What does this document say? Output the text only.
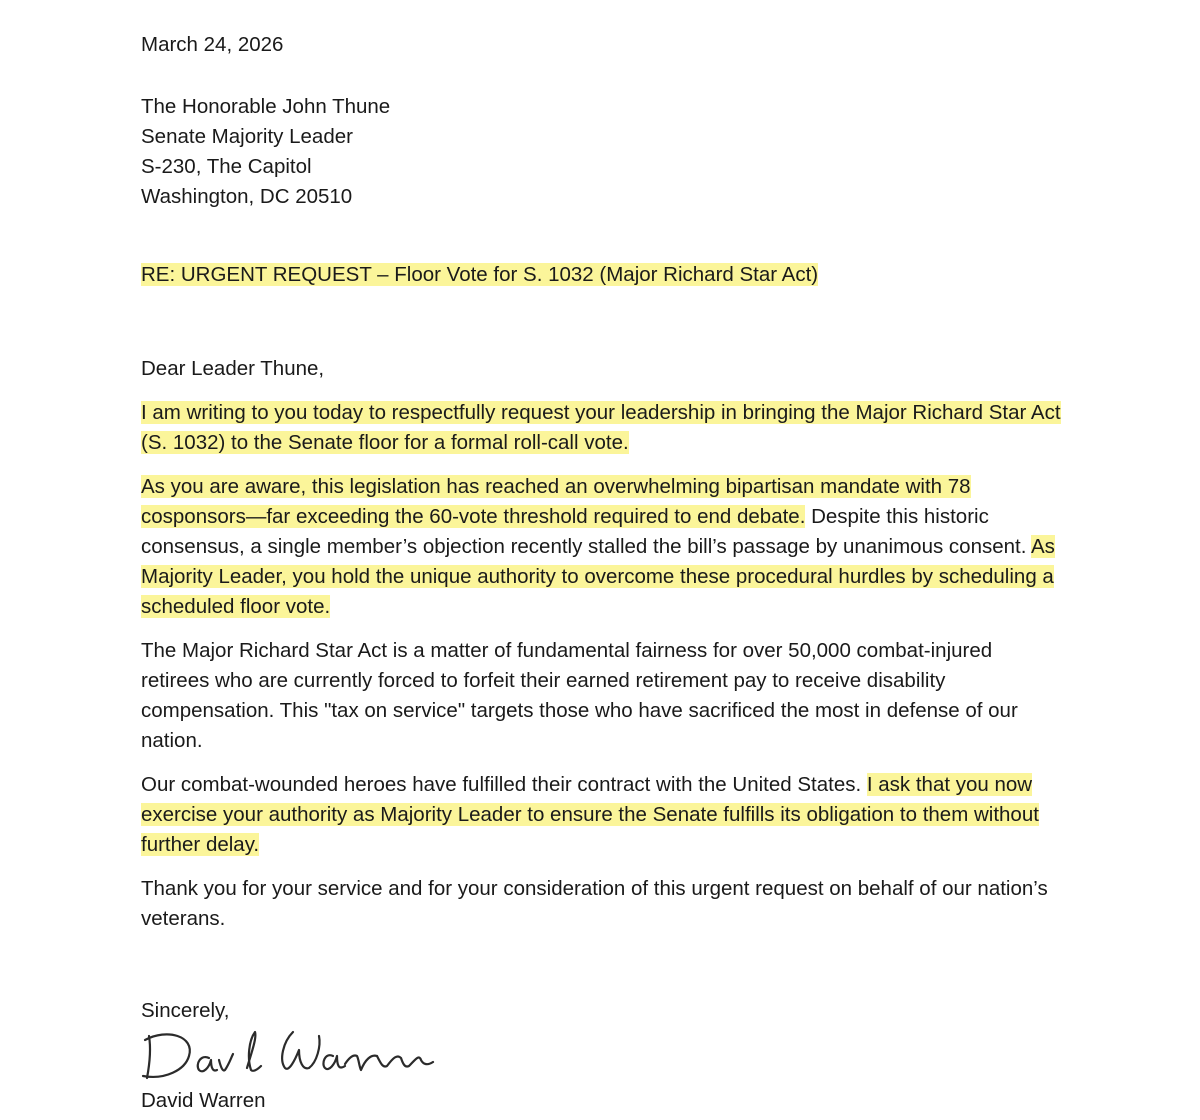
March 24, 2026
The Honorable John Thune
Senate Majority Leader
S-230, The Capitol
Washington, DC 20510
RE: URGENT REQUEST – Floor Vote for S. 1032 (Major Richard Star Act)
Dear Leader Thune,
I am writing to you today to respectfully request your leadership in bringing the Major Richard Star Act (S. 1032) to the Senate floor for a formal roll-call vote.
As you are aware, this legislation has reached an overwhelming bipartisan mandate with 78 cosponsors—far exceeding the 60-vote threshold required to end debate. Despite this historic consensus, a single member’s objection recently stalled the bill’s passage by unanimous consent. As Majority Leader, you hold the unique authority to overcome these procedural hurdles by scheduling a scheduled floor vote.
The Major Richard Star Act is a matter of fundamental fairness for over 50,000 combat-injured retirees who are currently forced to forfeit their earned retirement pay to receive disability compensation. This "tax on service" targets those who have sacrificed the most in defense of our nation.
Our combat-wounded heroes have fulfilled their contract with the United States. I ask that you now exercise your authority as Majority Leader to ensure the Senate fulfills its obligation to them without further delay.
Thank you for your service and for your consideration of this urgent request on behalf of our nation’s veterans.
Sincerely,
David Warren
